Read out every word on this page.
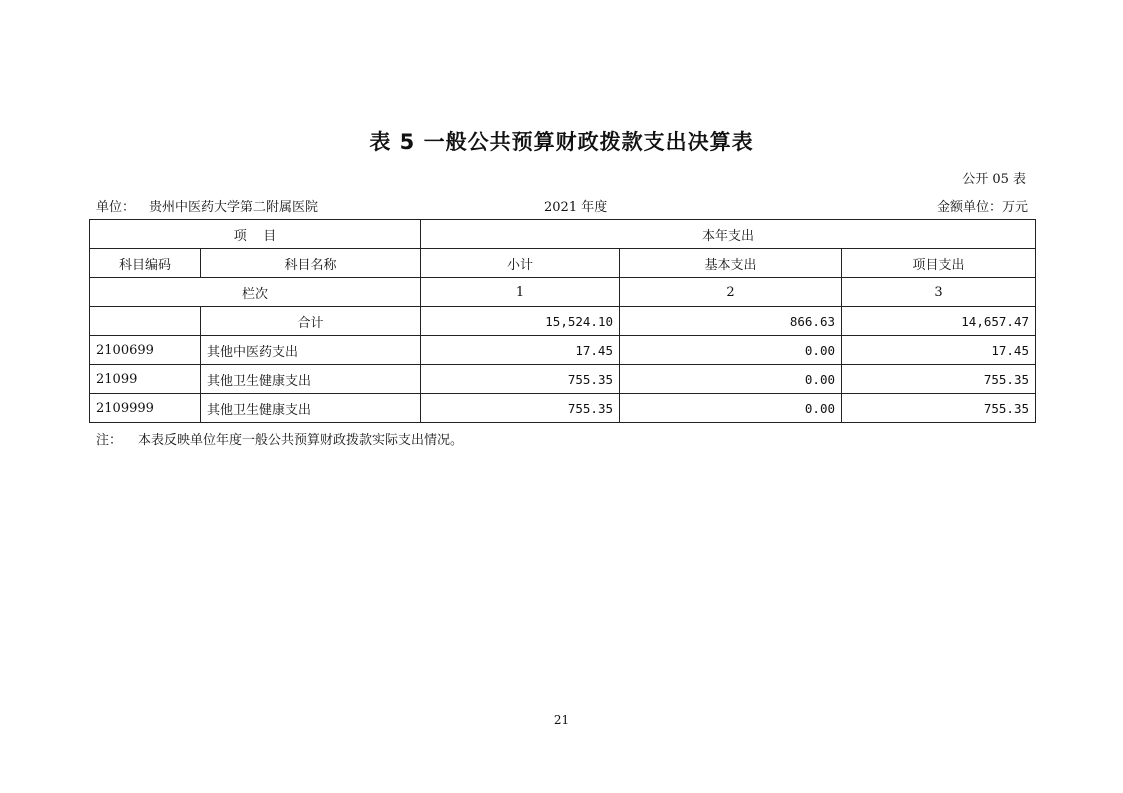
表 5 一般公共预算财政拨款支出决算表
公开 05 表
单位： 贵州中医药大学第二附属医院	2021 年度	金额单位：万元
项    目		本年支出		
科目编码	科目名称	小计	基本支出	项目支出
栏次		1	2	3
	合计	15,524.10	866.63	14,657.47
2100699	其他中医药支出	17.45	0.00	17.45
21099	其他卫生健康支出	755.35	0.00	755.35
2109999	其他卫生健康支出	755.35	0.00	755.35
注： 本表反映单位年度一般公共预算财政拨款实际支出情况。
21
